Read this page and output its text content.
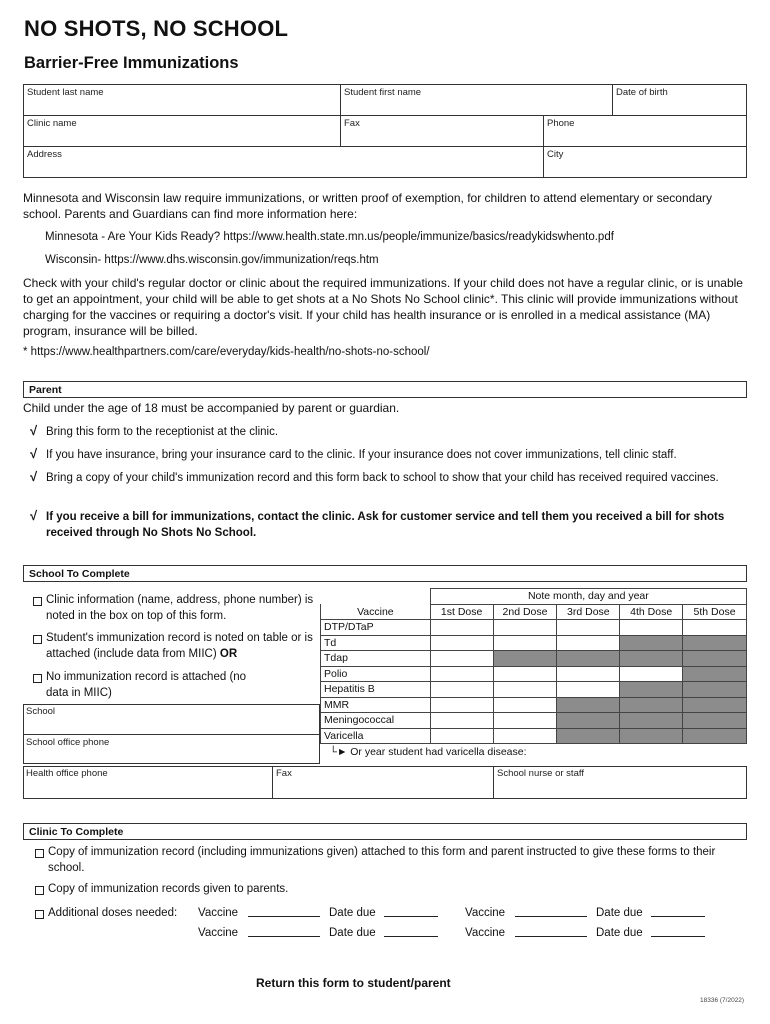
NO SHOTS, NO SCHOOL
Barrier-Free Immunizations
Student last name	Student first name	Date of birth
Clinic name	Fax	Phone
Address	City
Minnesota and Wisconsin law require immunizations, or written proof of exemption, for children to attend elementary or secondary school. Parents and Guardians can find more information here:
Minnesota - Are Your Kids Ready? https://www.health.state.mn.us/people/immunize/basics/readykidswhento.pdf
Wisconsin- https://www.dhs.wisconsin.gov/immunization/reqs.htm
Check with your child's regular doctor or clinic about the required immunizations. If your child does not have a regular clinic, or is unable to get an appointment, your child will be able to get shots at a No Shots No School clinic*. This clinic will provide immunizations without charging for the vaccines or requiring a doctor's visit. If your child has health insurance or is enrolled in a medical assistance (MA) program, insurance will be billed.
* https://www.healthpartners.com/care/everyday/kids-health/no-shots-no-school/
Parent
Child under the age of 18 must be accompanied by parent or guardian.
√ Bring this form to the receptionist at the clinic.
√ If you have insurance, bring your insurance card to the clinic. If your insurance does not cover immunizations, tell clinic staff.
√ Bring a copy of your child's immunization record and this form back to school to show that your child has received required vaccines.
√ If you receive a bill for immunizations, contact the clinic. Ask for customer service and tell them you received a bill for shots received through No Shots No School.
School To Complete
Clinic information (name, address, phone number) is noted in the box on top of this form.
Student's immunization record is noted on table or is attached (include data from MIIC) OR
No immunization record is attached (no data in MIIC)
School
School office phone
	Note month, day and year				
Vaccine	1st Dose	2nd Dose	3rd Dose	4th Dose	5th Dose
DTP/DTaP					
Td					
Tdap					
Polio					
Hepatitis B					
MMR					
Meningococcal					
Varicella					
└► Or year student had varicella disease:					
Health office phone	Fax	School nurse or staff
Clinic To Complete
Copy of immunization record (including immunizations given) attached to this form and parent instructed to give these forms to their school.
Copy of immunization records given to parents.
Additional doses needed: Vaccine	Date due	Vaccine	Date due
Vaccine	Date due	Vaccine	Date due
Return this form to student/parent
18336 (7/2022)
